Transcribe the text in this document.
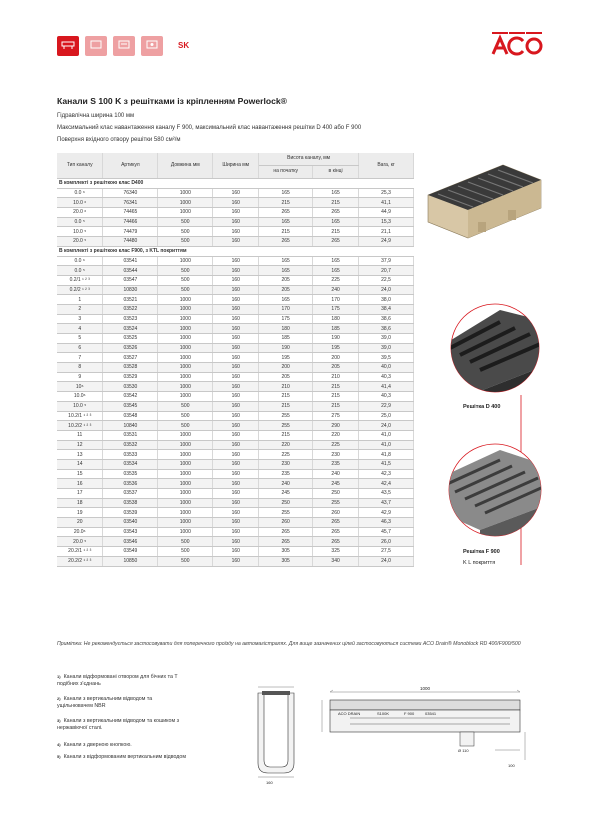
SK
Канали S 100 K з решітками із кріпленням Powerlock®
Гідравлічна ширина 100 мм
Максимальний клас навантаження каналу F 900, максимальний клас навантаження решітки D 400 або F 900
Поверхня вхідного отвору решітки 580 см²/м
Тип каналу	Артикул	Довжина мм	Ширина мм	Висота каналу, мм		Вага, кг
				на початку	в кінці	
В комплекті з решіткою клас D400						
0.0 ⁶	76340	1000	160	165	165	25,3
10.0 ⁶	76341	1000	160	215	215	41,1
20.0 ⁶	74465	1000	160	265	265	44,9
0.0 ⁵	74466	500	160	165	165	15,3
10.0 ⁵	74479	500	160	215	215	21,1
20.0 ⁵	74480	500	160	265	265	24,9
В комплекті з решіткою клас F900, з KTL покриттям						
0.0 ⁶	03541	1000	160	165	165	37,9
0.0 ⁵	03544	500	160	165	165	20,7
0.2/1 ¹ ² ³	03547	500	160	205	225	22,5
0.2/2 ¹ ² ³	10830	500	160	205	240	24,0
1	03521	1000	160	165	170	38,0
2	03522	1000	160	170	175	38,4
3	03523	1000	160	175	180	38,6
4	03524	1000	160	180	185	38,6
5	03525	1000	160	185	190	39,0
6	03526	1000	160	190	195	39,0
7	03527	1000	160	195	200	39,5
8	03528	1000	160	200	205	40,0
9	03529	1000	160	205	210	40,3
10⁶	03530	1000	160	210	215	41,4
10.0⁶	03542	1000	160	215	215	40,3
10.0 ⁵	03545	500	160	215	215	22,9
10.2/1 ¹ ² ³	03548	500	160	255	275	25,0
10.2/2 ¹ ² ³	10840	500	160	255	290	24,0
11	03531	1000	160	215	220	41,0
12	03532	1000	160	220	225	41,0
13	03533	1000	160	225	230	41,8
14	03534	1000	160	230	235	41,5
15	03535	1000	160	235	240	42,3
16	03536	1000	160	240	245	42,4
17	03537	1000	160	245	250	43,5
18	03538	1000	160	250	255	43,7
19	03539	1000	160	255	260	42,9
20	03540	1000	160	260	265	46,3
20.0⁶	03543	1000	160	265	265	45,7
20.0 ⁵	03546	500	160	265	265	26,0
20.2/1 ¹ ² ³	03549	500	160	305	325	27,5
20.2/2 ¹ ² ³	10850	500	160	305	340	24,0
Решітка D 400
Решітка F 900
K L покриття
Примітка: Не рекомендується застосовувати для поперечного проїзду на автомагістралях. Для вище зазначених цілей застосовуються системи ACO Drain® Monoblock RD 400/F900/500
$^{1)}$ Канали відформовані отвором для бічних та Т подібних з'єднань
$^{2)}$ Канали з вертикальним відводом та ущільнювачем NBR
$^{3)}$ Канали з вертикальним відводом та кошиком з нержавіючої сталі.
$^{4)}$ Канали з дверною кнопкою.
$^{5)}$ Канали з відформованим вертикальним відводом
1000
ACO DRAIN	S100K	F 900	03541
160
Ø 110
100
